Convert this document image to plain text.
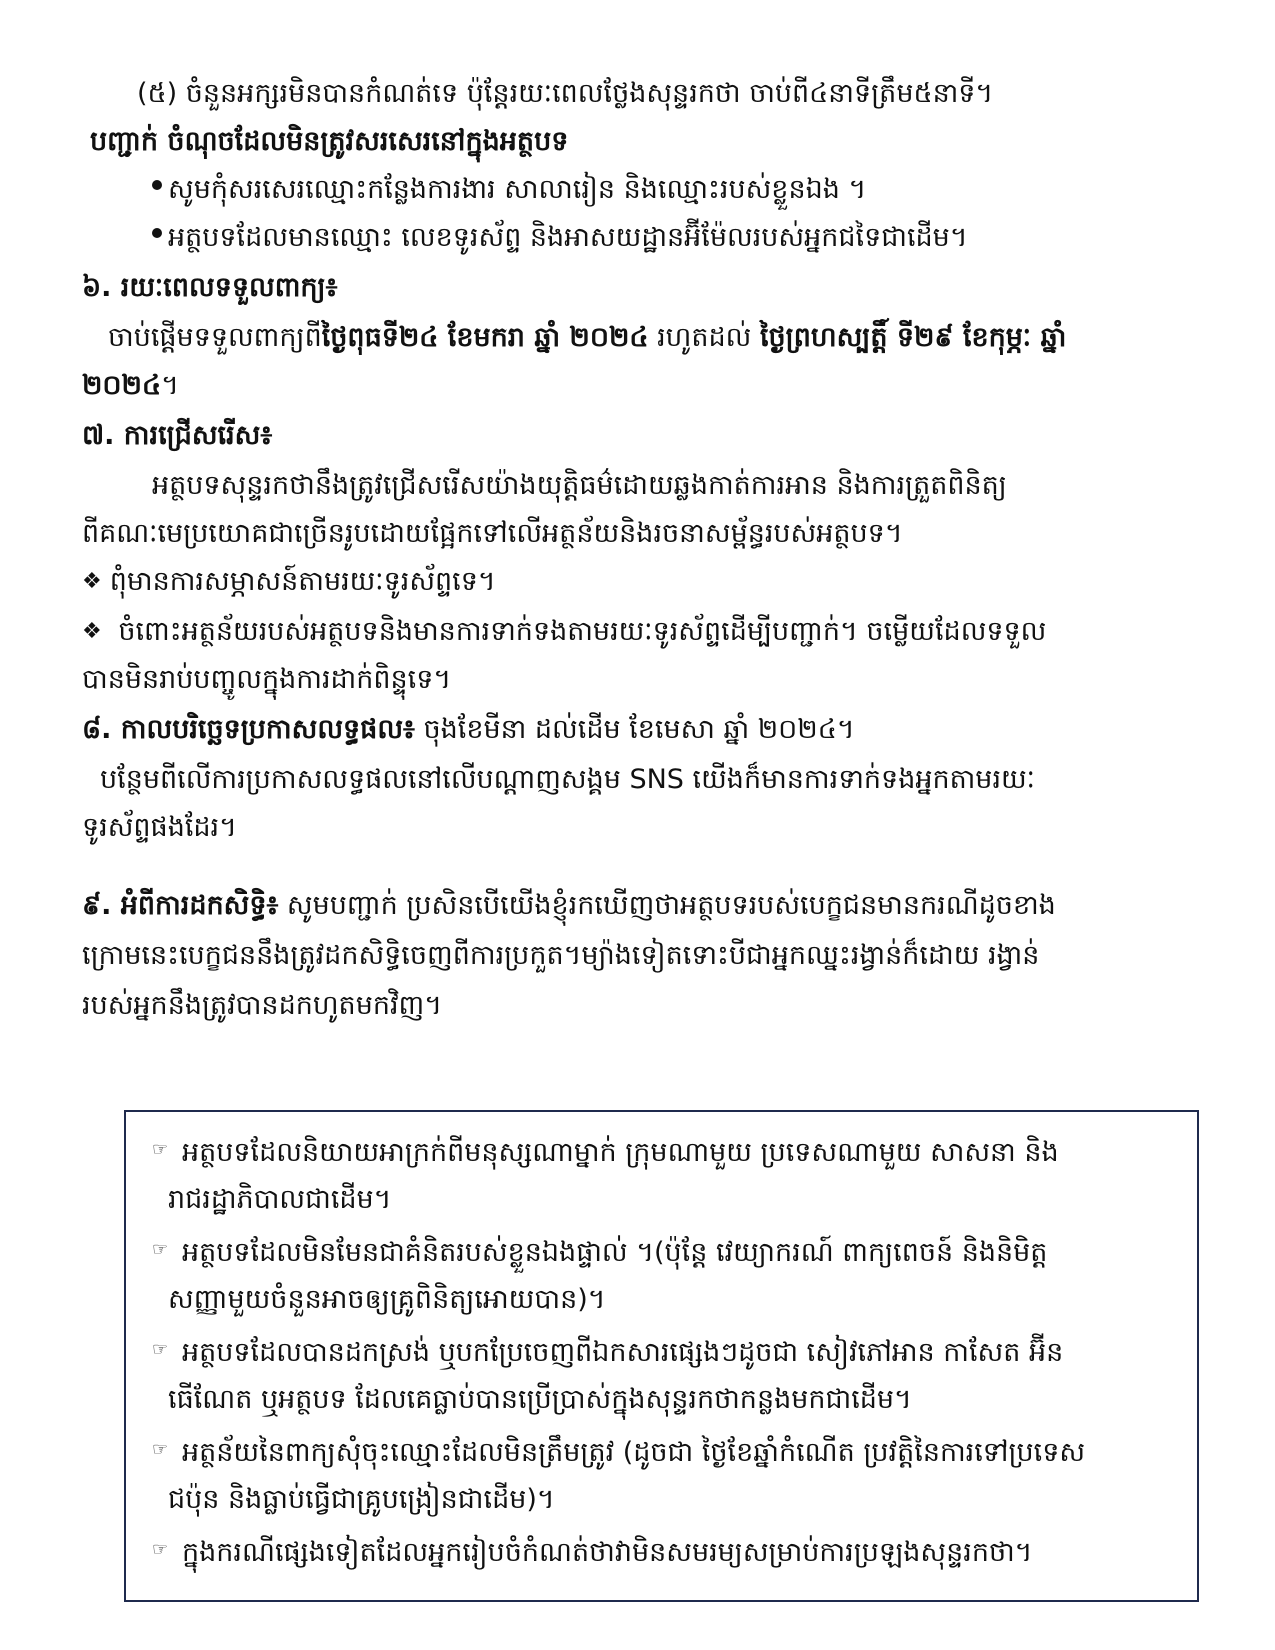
(៥) ចំនួនអក្សរមិនបានកំណត់ទេ ប៉ុន្តែរយៈពេលថ្លែងសុន្ទរកថា ចាប់ពី៤នាទីត្រឹម៥នាទី។
បញ្ជាក់ ចំណុចដែលមិនត្រូវសរសេរនៅក្នុងអត្ថបទ
សូមកុំសរសេរឈ្មោះកន្លែងការងារ សាលារៀន និងឈ្មោះរបស់ខ្លួនឯង ។
អត្ថបទដែលមានឈ្មោះ លេខទូរស័ព្ទ និងអាសយដ្ឋានអ៊ីម៉ែលរបស់អ្នកជទៃជាដើម។
៦. រយៈពេលទទួលពាក្យ៖
ចាប់ផ្តើមទទួលពាក្យពីថ្ងៃពុធទី២៤ ខែមករា ឆ្នាំ ២០២៤ រហូតដល់ ថ្ងៃព្រហស្បត្តិ៍ ទី២៩ ខែកុម្ភៈ ឆ្នាំ
២០២៤។
៧. ការជ្រើសរើស៖
អត្ថបទសុន្ទរកថានឹងត្រូវជ្រើសរើសយ៉ាងយុត្តិធម៌ដោយឆ្លងកាត់ការអាន និងការត្រួតពិនិត្យ
ពីគណៈមេប្រយោគជាច្រើនរូបដោយផ្អែកទៅលើអត្ថន័យនិងរចនាសម្ព័ន្ធរបស់អត្ថបទ។
❖ ពុំមានការសម្ភាសន៍តាមរយៈទូរស័ព្ទទេ។
❖ ចំពោះអត្ថន័យរបស់អត្ថបទនិងមានការទាក់ទងតាមរយៈទូរស័ព្ទដើម្បីបញ្ជាក់។ ចម្លើយដែលទទួល
បានមិនរាប់បញ្ចូលក្នុងការដាក់ពិន្ទុទេ។
៨. កាលបរិច្ឆេទប្រកាសលទ្ធផល៖ ចុងខែមីនា ដល់ដើម ខែមេសា ឆ្នាំ ២០២៤។
បន្ថែមពីលើការប្រកាសលទ្ធផលនៅលើបណ្តាញសង្គម SNS យើងក៏មានការទាក់ទងអ្នកតាមរយៈ
ទូរស័ព្ទផងដែរ។
៩. អំពីការដកសិទ្ធិ៖ សូមបញ្ជាក់ ប្រសិនបើយើងខ្ញុំរកឃើញថាអត្ថបទរបស់បេក្ខជនមានករណីដូចខាង
ក្រោមនេះបេក្ខជននឹងត្រូវដកសិទ្ធិចេញពីការប្រកួត។ម្យ៉ាងទៀតទោះបីជាអ្នកឈ្នះរង្វាន់ក៏ដោយ រង្វាន់
របស់អ្នកនឹងត្រូវបានដកហូតមកវិញ។
☞ អត្ថបទដែលនិយាយអាក្រក់ពីមនុស្សណាម្នាក់ ក្រុមណាមួយ ប្រទេសណាមួយ សាសនា និង
រាជរដ្ឋាភិបាលជាដើម។
☞ អត្ថបទដែលមិនមែនជាគំនិតរបស់ខ្លួនឯងផ្ទាល់ ។(ប៉ុន្តែ វេយ្យាករណ៍ ពាក្យពេចន៍ និងនិមិត្ត
សញ្ញាមួយចំនួនអាចឲ្យគ្រូពិនិត្យអោយបាន)។
☞ អត្ថបទដែលបានដកស្រង់ ឬបកប្រែចេញពីឯកសារផ្សេងៗដូចជា សៀវភៅអាន កាសែត អ៊ីន
ធើណែត ឬអត្ថបទ ដែលគេធ្លាប់បានប្រើប្រាស់ក្នុងសុន្ទរកថាកន្លងមកជាដើម។
☞ អត្ថន័យនៃពាក្យសុំចុះឈ្មោះដែលមិនត្រឹមត្រូវ (ដូចជា ថ្ងៃខែឆ្នាំកំណើត ប្រវត្តិនៃការទៅប្រទេស
ជប៉ុន និងធ្លាប់ធ្វើជាគ្រូបង្រៀនជាដើម)។
☞ ក្នុងករណីផ្សេងទៀតដែលអ្នករៀបចំកំណត់ថាវាមិនសមរម្យសម្រាប់ការប្រឡងសុន្ទរកថា។
